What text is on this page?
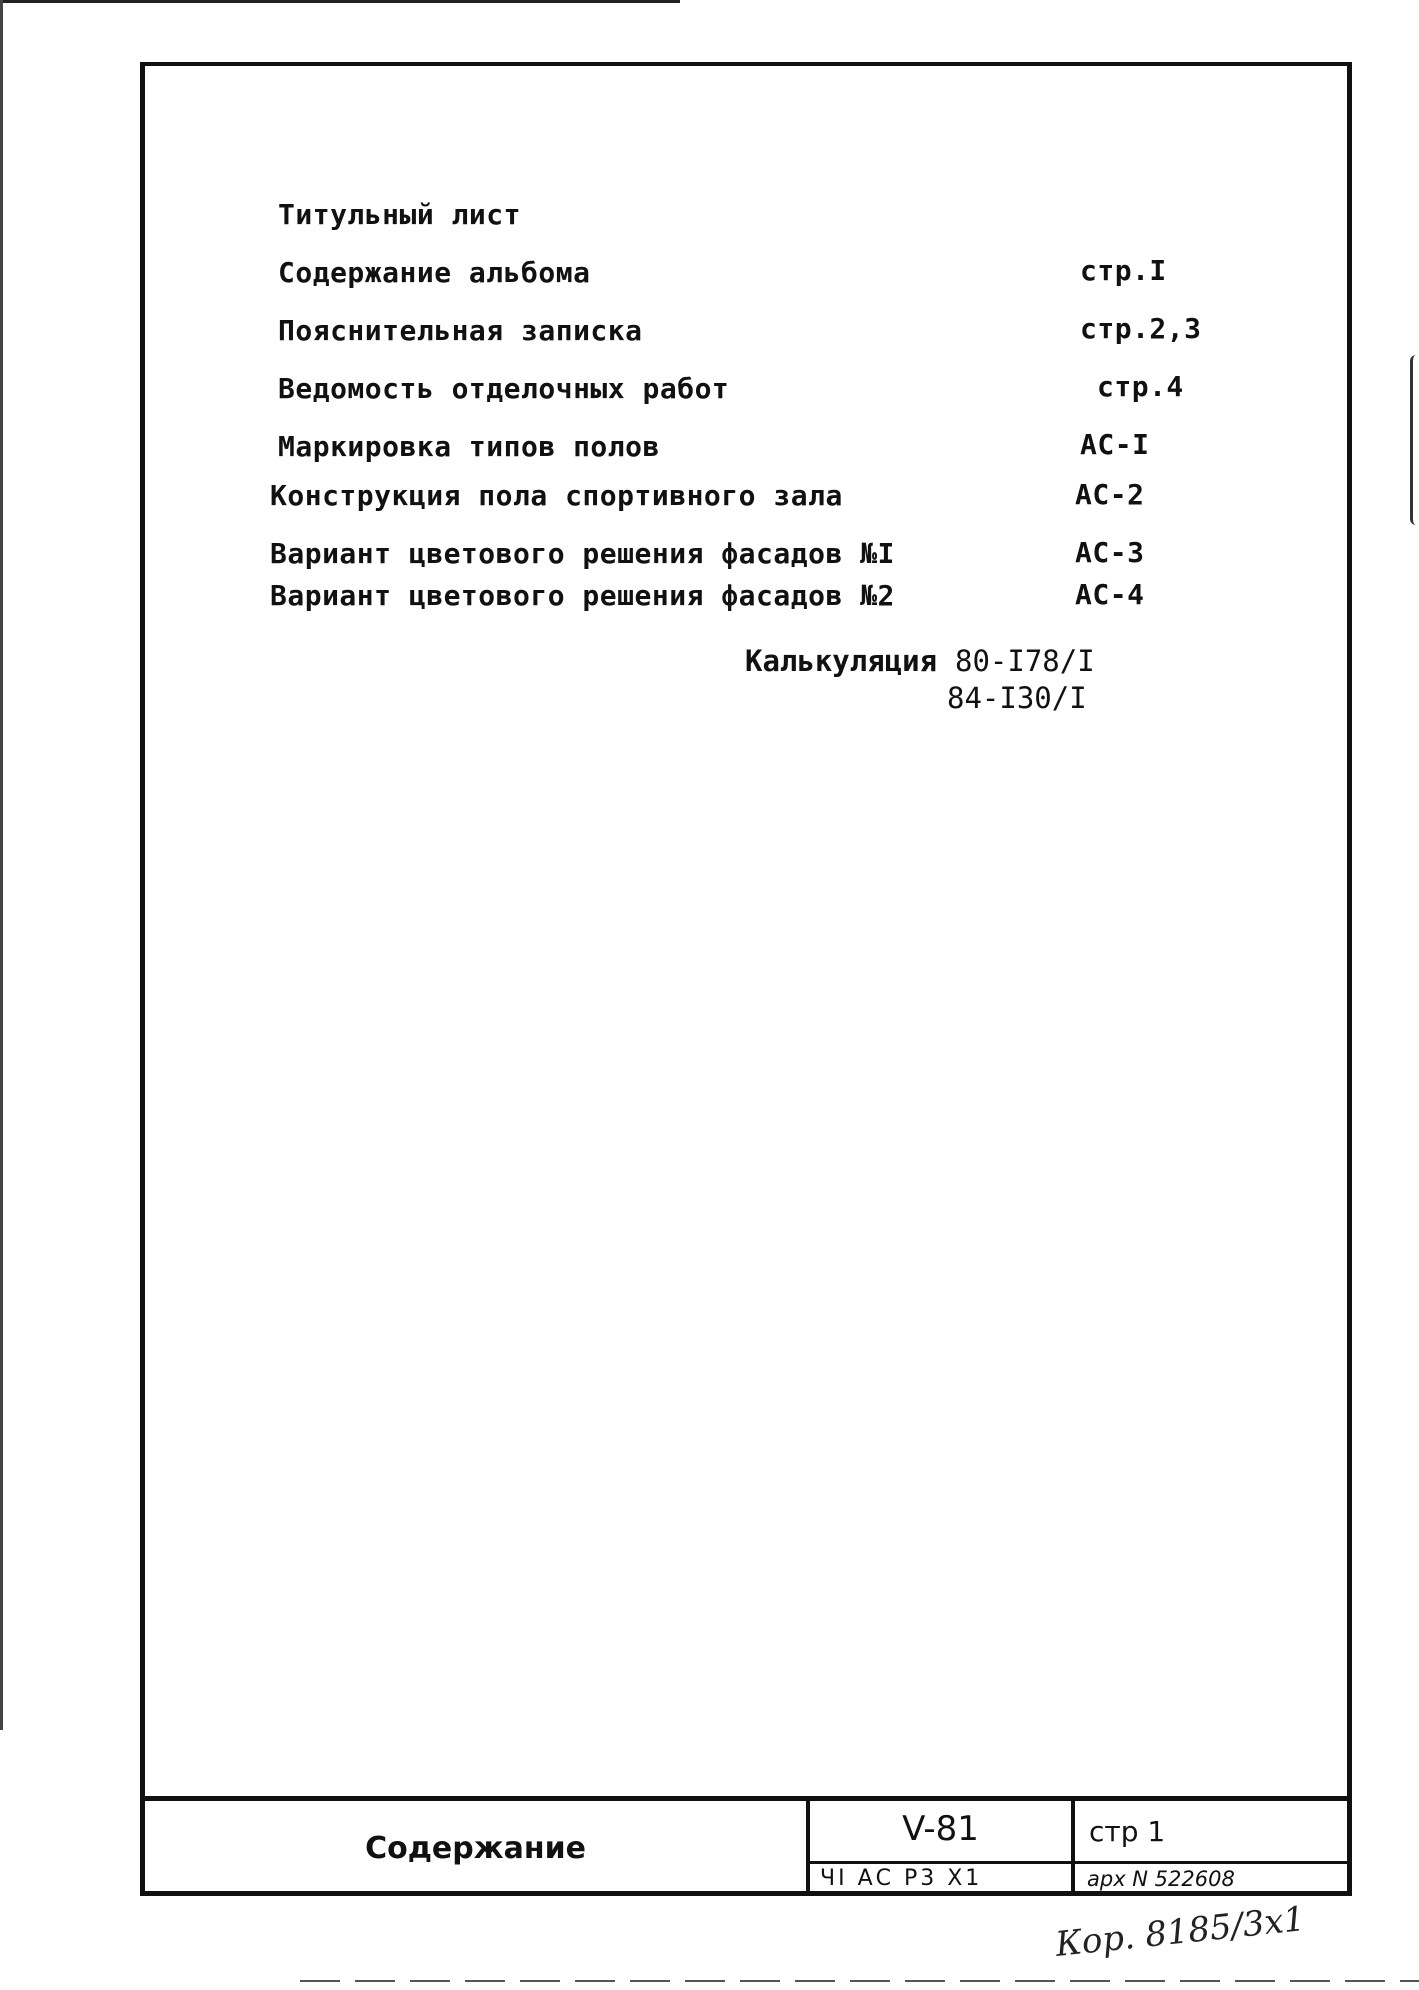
Титульный лист
Содержание альбома	стр.I
Пояснительная записка	стр.2,3
Ведомость отделочных работ	стр.4
Маркировка типов полов	АС-I
Конструкция пола спортивного зала	АС-2
Вариант цветового решения фасадов №I	АС-3
Вариант цветового решения фасадов №2	АС-4
Калькуляция 80-I78/I
84-I30/I
Содержание	V-81
ЧI АС Р3 Х1
стр 1
арх N 522608
Кор. 8185/3х1
